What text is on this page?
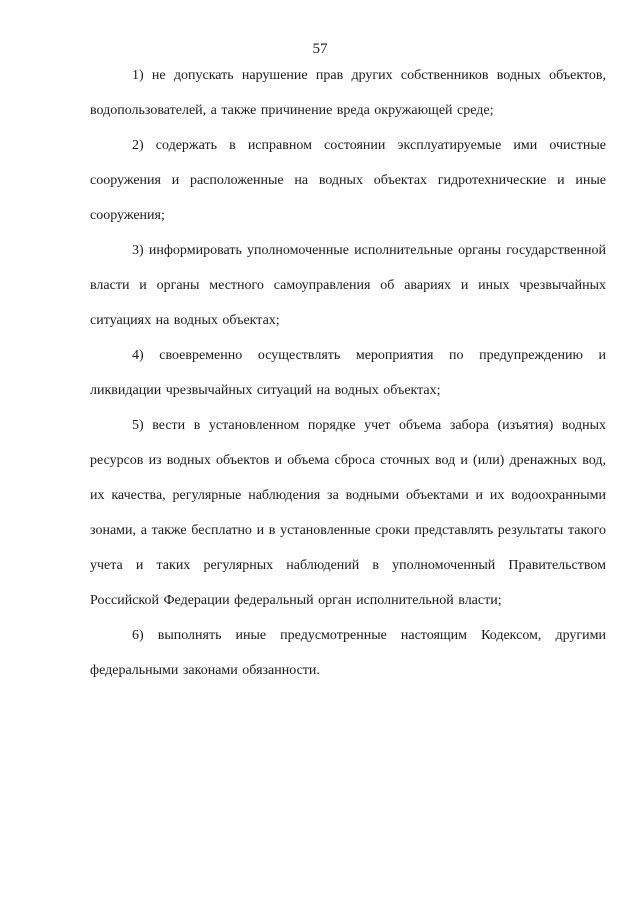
57

1) не допускать нарушение прав других собственников водных объектов, водопользователей, а также причинение вреда окружающей среде;

2) содержать в исправном состоянии эксплуатируемые ими очистные сооружения и расположенные на водных объектах гидротехнические и иные сооружения;

3) информировать уполномоченные исполнительные органы государственной власти и органы местного самоуправления об авариях и иных чрезвычайных ситуациях на водных объектах;

4) своевременно осуществлять мероприятия по предупреждению и ликвидации чрезвычайных ситуаций на водных объектах;

5) вести в установленном порядке учет объема забора (изъятия) водных ресурсов из водных объектов и объема сброса сточных вод и (или) дренажных вод, их качества, регулярные наблюдения за водными объектами и их водоохранными зонами, а также бесплатно и в установленные сроки представлять результаты такого учета и таких регулярных наблюдений в уполномоченный Правительством Российской Федерации федеральный орган исполнительной власти;

6) выполнять иные предусмотренные настоящим Кодексом, другими федеральными законами обязанности.
